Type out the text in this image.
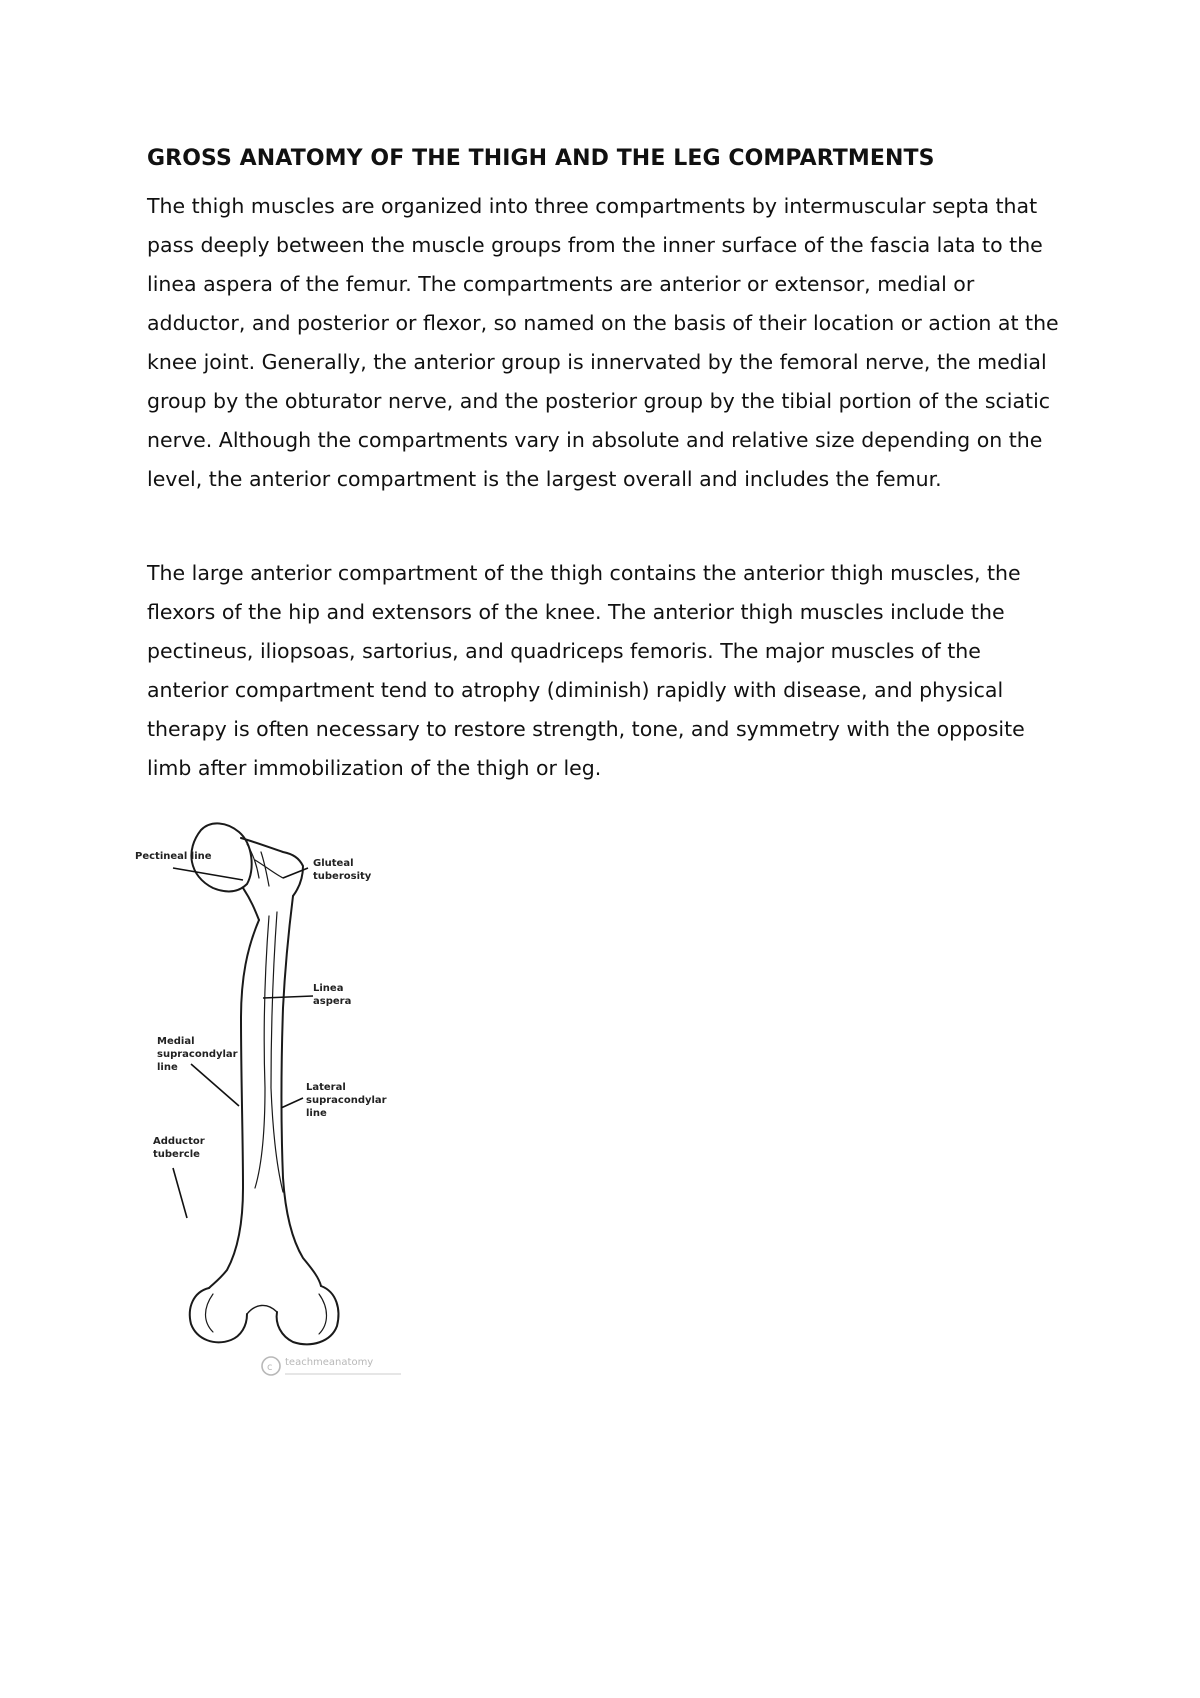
GROSS ANATOMY OF THE THIGH AND THE LEG COMPARTMENTS

The thigh muscles are organized into three compartments by intermuscular septa that pass deeply between the muscle groups from the inner surface of the fascia lata to the linea aspera of the femur. The compartments are anterior or extensor, medial or adductor, and posterior or flexor, so named on the basis of their location or action at the knee joint. Generally, the anterior group is innervated by the femoral nerve, the medial group by the obturator nerve, and the posterior group by the tibial portion of the sciatic nerve. Although the compartments vary in absolute and relative size depending on the level, the anterior compartment is the largest overall and includes the femur.

The large anterior compartment of the thigh contains the anterior thigh muscles, the flexors of the hip and extensors of the knee. The anterior thigh muscles include the pectineus, iliopsoas, sartorius, and quadriceps femoris. The major muscles of the anterior compartment tend to atrophy (diminish) rapidly with disease, and physical therapy is often necessary to restore strength, tone, and symmetry with the opposite limb after immobilization of the thigh or leg.

Pectineal line
Gluteal
tuberosity
Linea
aspera
Medial
supracondylar
line
Lateral
supracondylar
line
Adductor
tubercle
c teachmeanatomy
